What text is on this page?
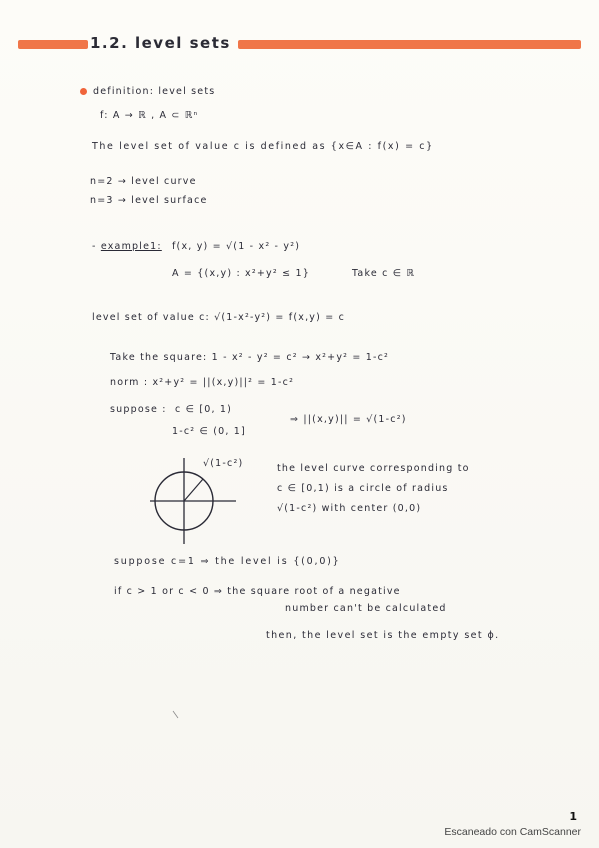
1.2. level sets
definition: level sets
f: A → ℝ , A ⊂ ℝⁿ
The level set of value c is defined as {x∈A : f(x) = c}
n=2 → level curve
n=3 → level surface
- example1: f(x, y) = √(1 - x² - y²)
A = {(x,y) : x²+y² ≤ 1}	Take c ∈ ℝ
level set of value c: √(1-x²-y²) = f(x,y) = c
Take the square: 1 - x² - y² = c² → x²+y² = 1-c²
norm : x²+y² = ||(x,y)||² = 1-c²
suppose : c ∈ [0, 1)
1-c² ∈ (0, 1]
⇒ ||(x,y)|| = √(1-c²)
√(1-c²)	the level curve corresponding to
c ∈ [0,1) is a circle of radius
√(1-c²) with center (0,0)
suppose c=1 ⇒ the level is {(0,0)}
if c > 1 or c < 0 ⇒ the square root of a negative
number can't be calculated
then, the level set is the empty set ϕ.
1
Escaneado con CamScanner
